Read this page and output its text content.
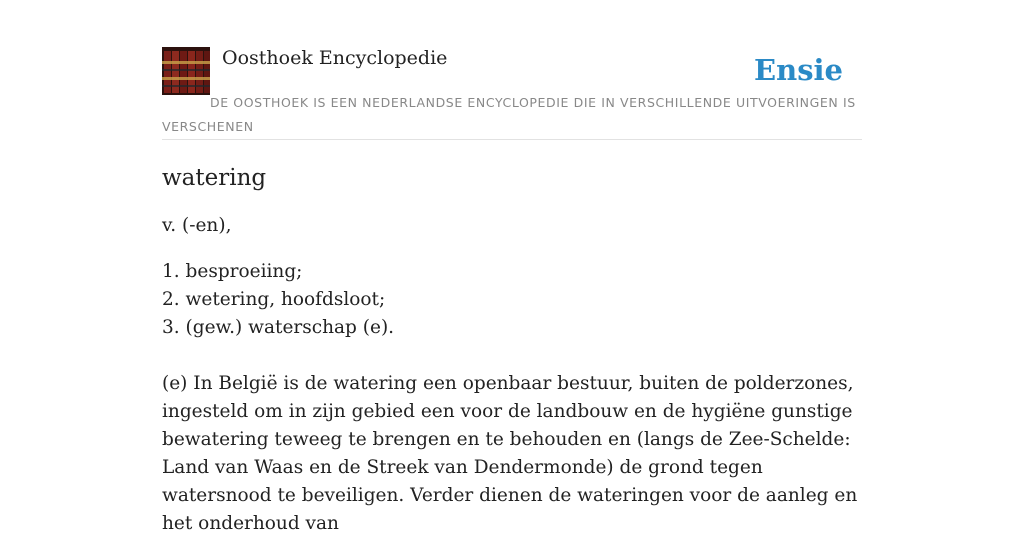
Oosthoek Encyclopedie	Ensie
DE OOSTHOEK IS EEN NEDERLANDSE ENCYCLOPEDIE DIE IN VERSCHILLENDE UITVOERINGEN IS VERSCHENEN
watering

v. (-en),

1. besproeiing;
2. wetering, hoofdsloot;
3. (gew.) waterschap (e).

(e) In België is de watering een openbaar bestuur, buiten de polderzones, ingesteld om in zijn gebied een voor de landbouw en de hygiëne gunstige bewatering teweeg te brengen en te behouden en (langs de Zee-Schelde: Land van Waas en de Streek van Dendermonde) de grond tegen watersnood te beveiligen. Verder dienen de wateringen voor de aanleg en het onderhoud van
